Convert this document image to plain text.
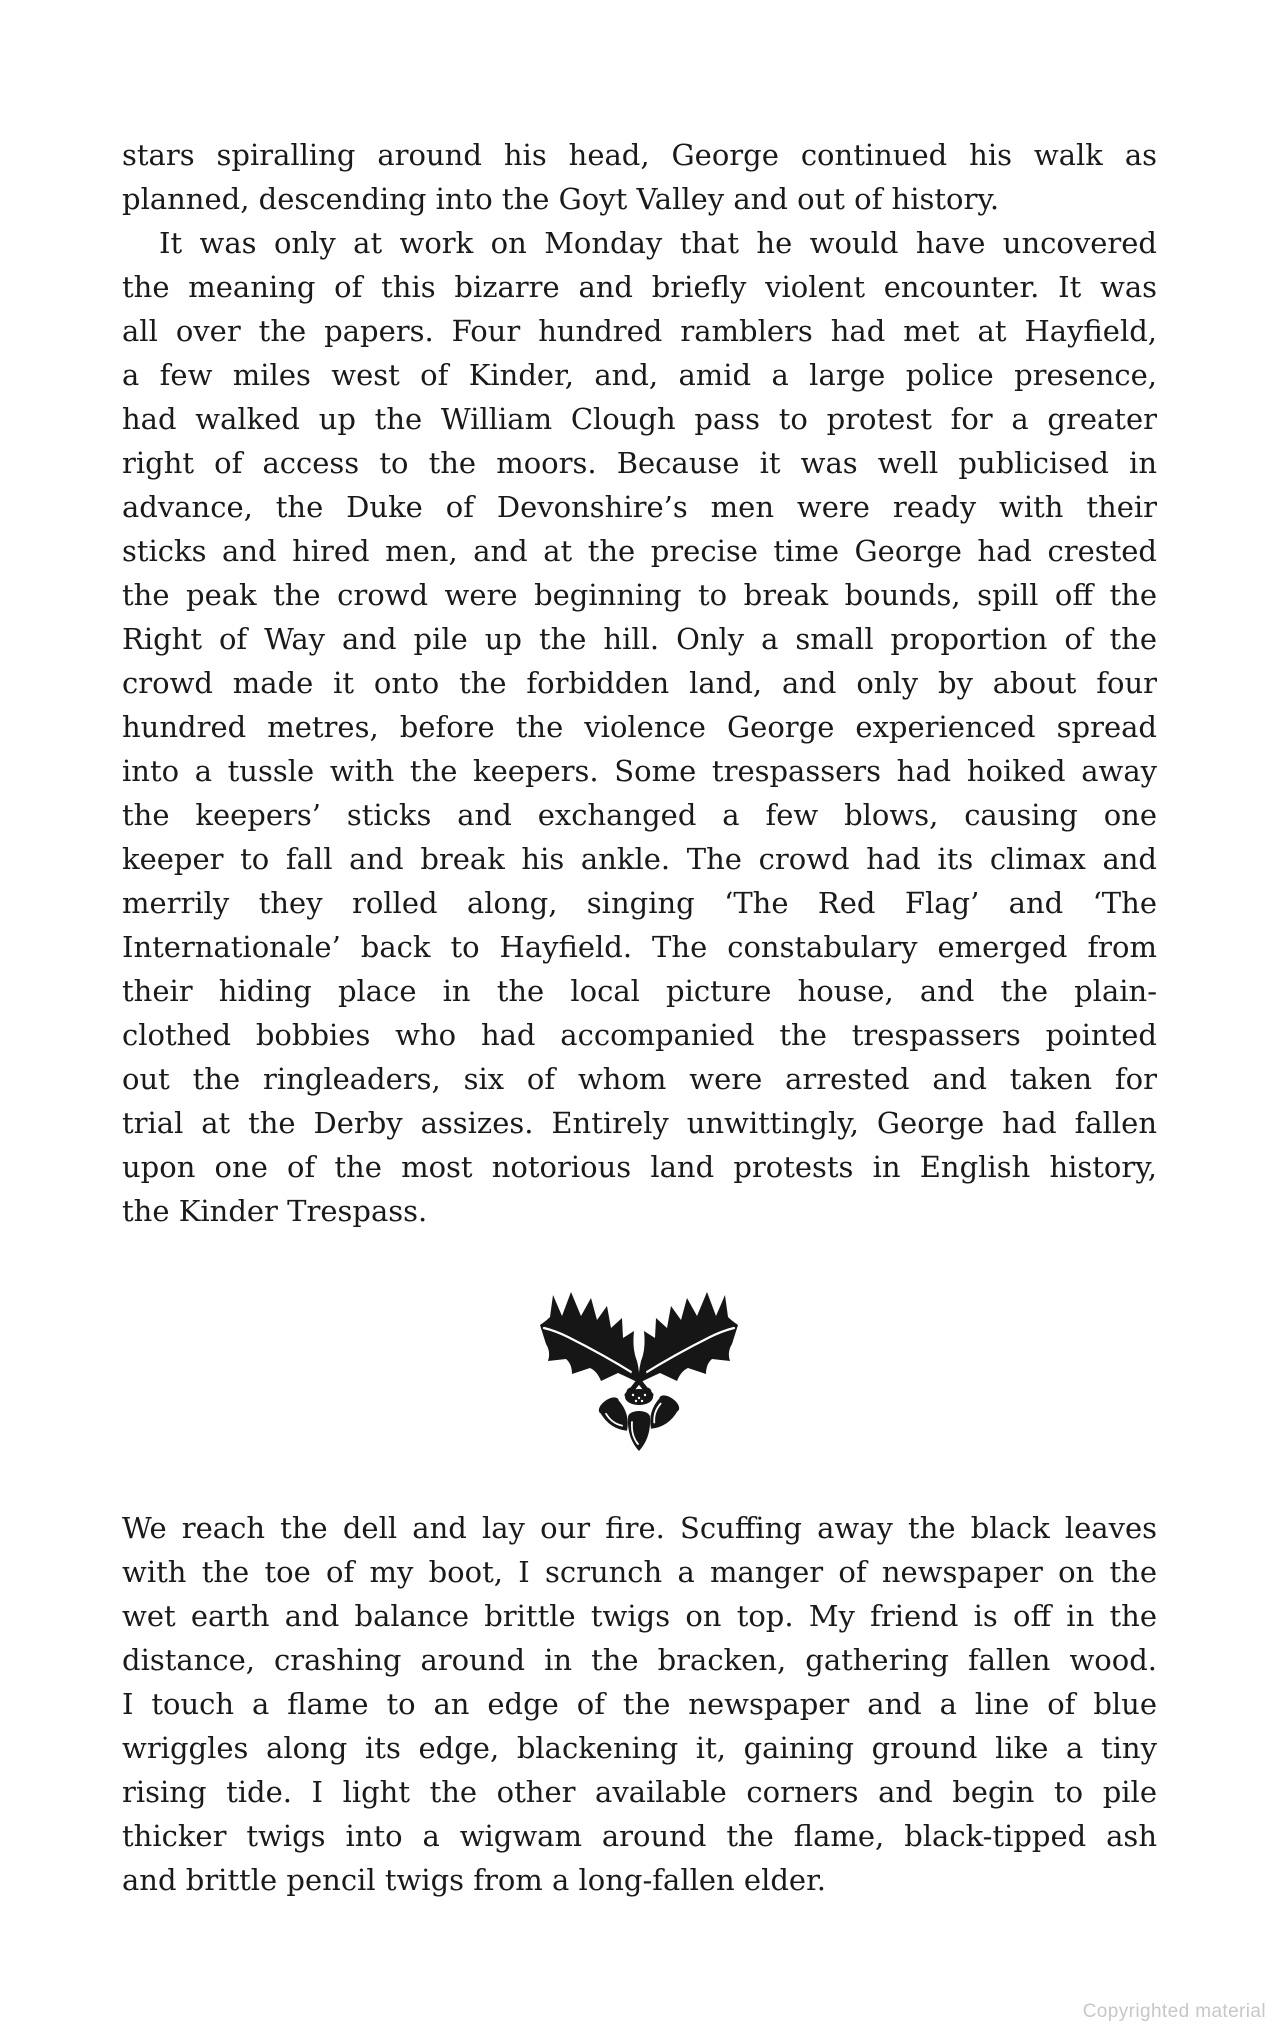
stars spiralling around his head, George continued his walk as
planned, descending into the Goyt Valley and out of history.
It was only at work on Monday that he would have uncovered
the meaning of this bizarre and briefly violent encounter. It was
all over the papers. Four hundred ramblers had met at Hayfield,
a few miles west of Kinder, and, amid a large police presence,
had walked up the William Clough pass to protest for a greater
right of access to the moors. Because it was well publicised in
advance, the Duke of Devonshire’s men were ready with their
sticks and hired men, and at the precise time George had crested
the peak the crowd were beginning to break bounds, spill off the
Right of Way and pile up the hill. Only a small proportion of the
crowd made it onto the forbidden land, and only by about four
hundred metres, before the violence George experienced spread
into a tussle with the keepers. Some trespassers had hoiked away
the keepers’ sticks and exchanged a few blows, causing one
keeper to fall and break his ankle. The crowd had its climax and
merrily they rolled along, singing ‘The Red Flag’ and ‘The
Internationale’ back to Hayfield. The constabulary emerged from
their hiding place in the local picture house, and the plain-
clothed bobbies who had accompanied the trespassers pointed
out the ringleaders, six of whom were arrested and taken for
trial at the Derby assizes. Entirely unwittingly, George had fallen
upon one of the most notorious land protests in English history,
the Kinder Trespass.
We reach the dell and lay our fire. Scuffing away the black leaves
with the toe of my boot, I scrunch a manger of newspaper on the
wet earth and balance brittle twigs on top. My friend is off in the
distance, crashing around in the bracken, gathering fallen wood.
I touch a flame to an edge of the newspaper and a line of blue
wriggles along its edge, blackening it, gaining ground like a tiny
rising tide. I light the other available corners and begin to pile
thicker twigs into a wigwam around the flame, black-tipped ash
and brittle pencil twigs from a long-fallen elder.
Copyrighted material
